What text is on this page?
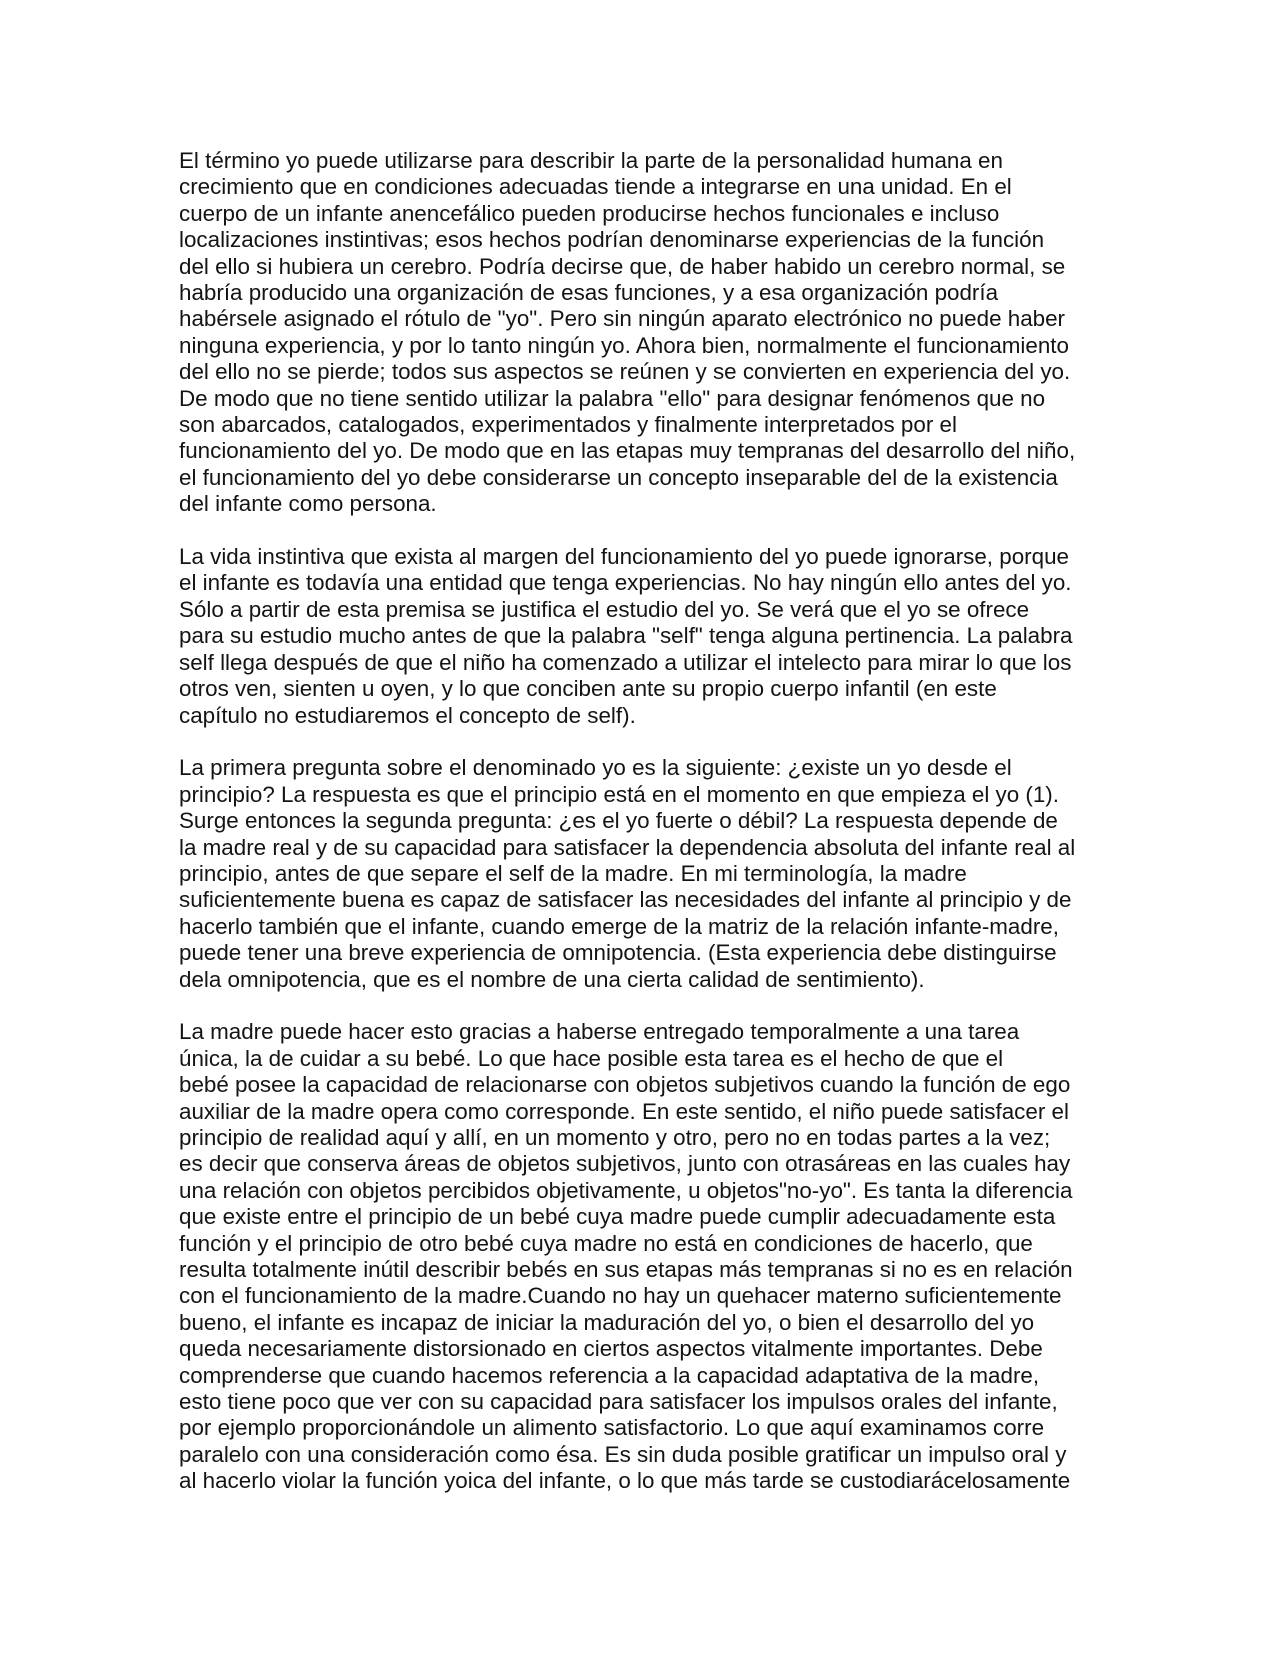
El término yo puede utilizarse para describir la parte de la personalidad humana en
crecimiento que en condiciones adecuadas tiende a integrarse en una unidad. En el
cuerpo de un infante anencefálico pueden producirse hechos funcionales e incluso
localizaciones instintivas; esos hechos podrían denominarse experiencias de la función
del ello si hubiera un cerebro. Podría decirse que, de haber habido un cerebro normal, se
habría producido una organización de esas funciones, y a esa organización podría
habérsele asignado el rótulo de "yo". Pero sin ningún aparato electrónico no puede haber
ninguna experiencia, y por lo tanto ningún yo. Ahora bien, normalmente el funcionamiento
del ello no se pierde; todos sus aspectos se reúnen y se convierten en experiencia del yo.
De modo que no tiene sentido utilizar la palabra "ello" para designar fenómenos que no
son abarcados, catalogados, experimentados y finalmente interpretados por el
funcionamiento del yo. De modo que en las etapas muy tempranas del desarrollo del niño,
el funcionamiento del yo debe considerarse un concepto inseparable del de la existencia
del infante como persona.

La vida instintiva que exista al margen del funcionamiento del yo puede ignorarse, porque
el infante es todavía una entidad que tenga experiencias. No hay ningún ello antes del yo.
Sólo a partir de esta premisa se justifica el estudio del yo. Se verá que el yo se ofrece
para su estudio mucho antes de que la palabra "self" tenga alguna pertinencia. La palabra
self llega después de que el niño ha comenzado a utilizar el intelecto para mirar lo que los
otros ven, sienten u oyen, y lo que conciben ante su propio cuerpo infantil (en este
capítulo no estudiaremos el concepto de self).

La primera pregunta sobre el denominado yo es la siguiente: ¿existe un yo desde el
principio? La respuesta es que el principio está en el momento en que empieza el yo (1).
Surge entonces la segunda pregunta: ¿es el yo fuerte o débil? La respuesta depende de
la madre real y de su capacidad para satisfacer la dependencia absoluta del infante real al
principio, antes de que separe el self de la madre. En mi terminología, la madre
suficientemente buena es capaz de satisfacer las necesidades del infante al principio y de
hacerlo también que el infante, cuando emerge de la matriz de la relación infante-madre,
puede tener una breve experiencia de omnipotencia. (Esta experiencia debe distinguirse
dela omnipotencia, que es el nombre de una cierta calidad de sentimiento).

La madre puede hacer esto gracias a haberse entregado temporalmente a una tarea
única, la de cuidar a su bebé. Lo que hace posible esta tarea es el hecho de que el
bebé posee la capacidad de relacionarse con objetos subjetivos cuando la función de ego
auxiliar de la madre opera como corresponde. En este sentido, el niño puede satisfacer el
principio de realidad aquí y allí, en un momento y otro, pero no en todas partes a la vez;
es decir que conserva áreas de objetos subjetivos, junto con otrasáreas en las cuales hay
una relación con objetos percibidos objetivamente, u objetos"no-yo". Es tanta la diferencia
que existe entre el principio de un bebé cuya madre puede cumplir adecuadamente esta
función y el principio de otro bebé cuya madre no está en condiciones de hacerlo, que
resulta totalmente inútil describir bebés en sus etapas más tempranas si no es en relación
con el funcionamiento de la madre.Cuando no hay un quehacer materno suficientemente
bueno, el infante es incapaz de iniciar la maduración del yo, o bien el desarrollo del yo
queda necesariamente distorsionado en ciertos aspectos vitalmente importantes. Debe
comprenderse que cuando hacemos referencia a la capacidad adaptativa de la madre,
esto tiene poco que ver con su capacidad para satisfacer los impulsos orales del infante,
por ejemplo proporcionándole un alimento satisfactorio. Lo que aquí examinamos corre
paralelo con una consideración como ésa. Es sin duda posible gratificar un impulso oral y
al hacerlo violar la función yoica del infante, o lo que más tarde se custodiarácelosamente
